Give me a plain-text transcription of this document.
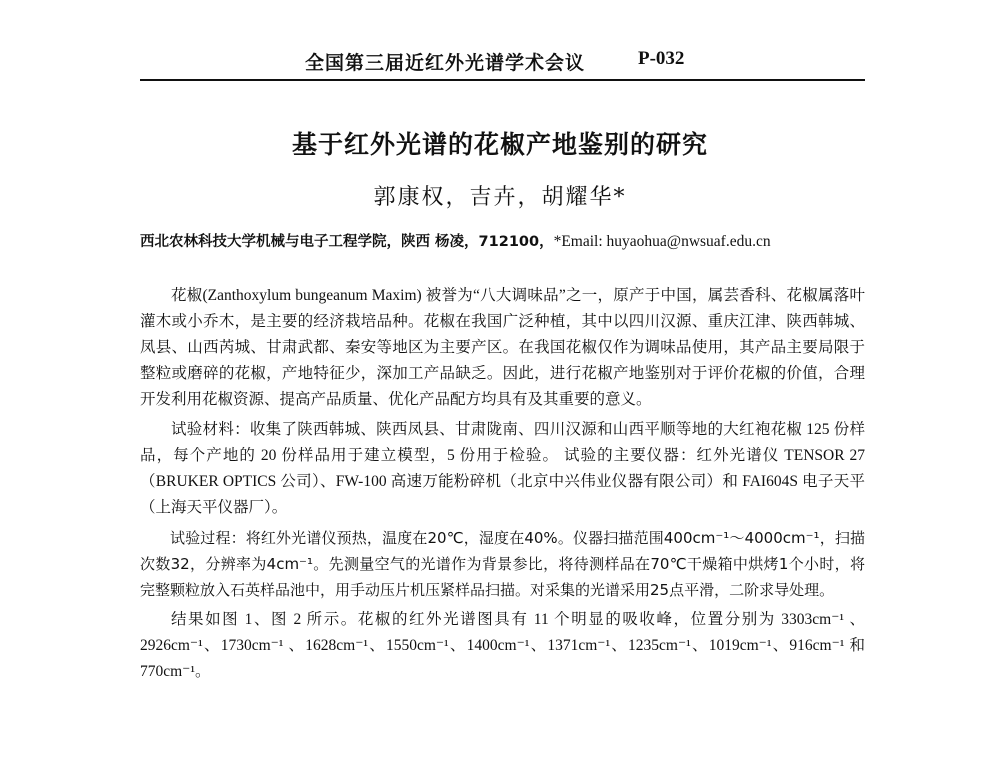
全国第三届近红外光谱学术会议	P-032
基于红外光谱的花椒产地鉴别的研究
郭康权，吉卉，胡耀华*
西北农林科技大学机械与电子工程学院，陕西 杨凌，712100，*Email: huyaohua@nwsuaf.edu.cn

花椒(Zanthoxylum bungeanum Maxim) 被誉为“八大调味品”之一，原产于中国，属芸香科、花椒属落叶灌木或小乔木，是主要的经济栽培品种。花椒在我国广泛种植，其中以四川汉源、重庆江津、陕西韩城、凤县、山西芮城、甘肃武都、秦安等地区为主要产区。在我国花椒仅作为调味品使用，其产品主要局限于整粒或磨碎的花椒，产地特征少，深加工产品缺乏。因此，进行花椒产地鉴别对于评价花椒的价值，合理开发利用花椒资源、提高产品质量、优化产品配方均具有及其重要的意义。

试验材料：收集了陕西韩城、陕西凤县、甘肃陇南、四川汉源和山西平顺等地的大红袍花椒 125 份样品，每个产地的 20 份样品用于建立模型，5 份用于检验。 试验的主要仪器：红外光谱仪 TENSOR 27（BRUKER OPTICS 公司）、FW-100 高速万能粉碎机（北京中兴伟业仪器有限公司）和 FAI604S 电子天平（上海天平仪器厂）。

试验过程：将红外光谱仪预热，温度在20℃，湿度在40%。仪器扫描范围400cm⁻¹～4000cm⁻¹，扫描次数32，分辨率为4cm⁻¹。先测量空气的光谱作为背景参比，将待测样品在70℃干燥箱中烘烤1个小时，将完整颗粒放入石英样品池中，用手动压片机压紧样品扫描。对采集的光谱采用25点平滑，二阶求导处理。

结果如图 1、图 2 所示。花椒的红外光谱图具有 11 个明显的吸收峰，位置分别为 3303cm⁻¹ 、2926cm⁻¹、1730cm⁻¹ 、1628cm⁻¹、1550cm⁻¹、1400cm⁻¹、1371cm⁻¹、1235cm⁻¹、1019cm⁻¹、916cm⁻¹ 和 770cm⁻¹。
